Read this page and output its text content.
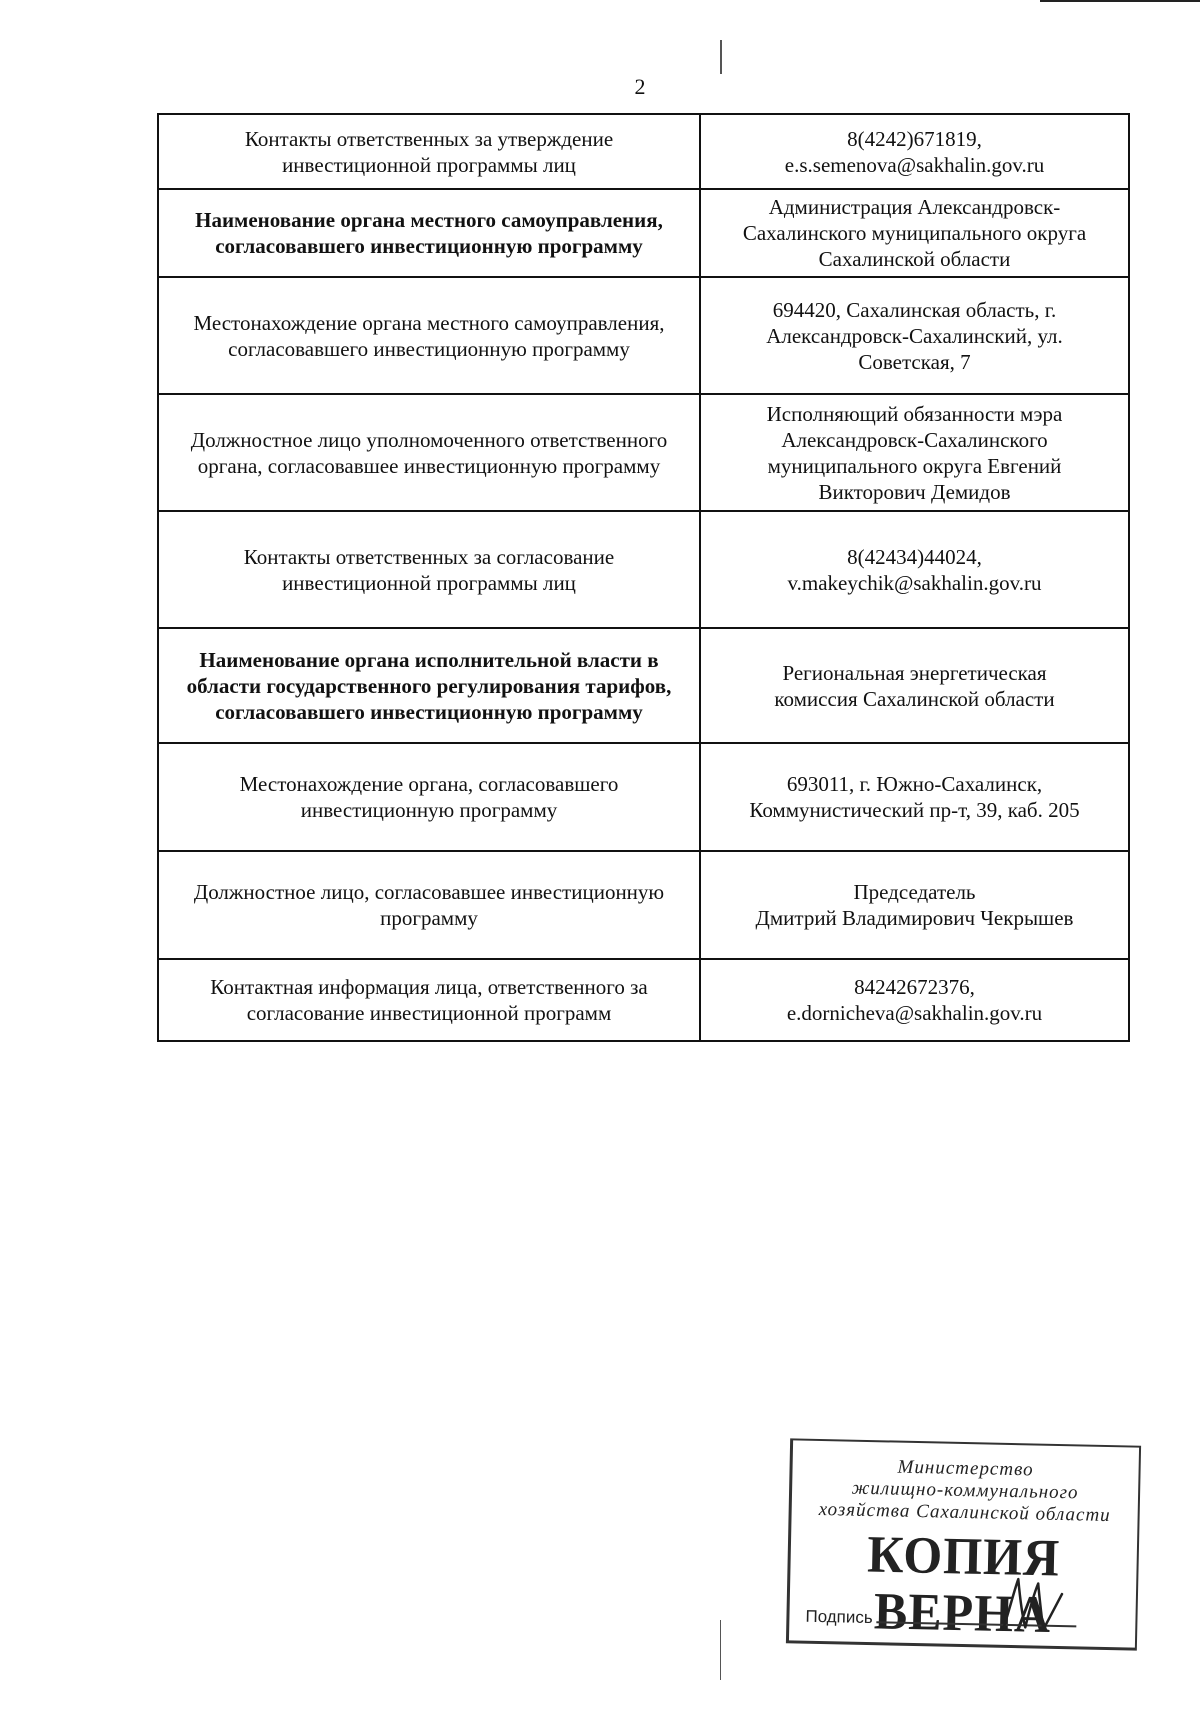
2
Контакты ответственных за утверждение инвестиционной программы лиц	8(4242)671819,
e.s.semenova@sakhalin.gov.ru

Наименование органа местного самоуправления, согласовавшего инвестиционную программу	Администрация Александровск-
Сахалинского муниципального округа
Сахалинской области

Местонахождение органа местного самоуправления, согласовавшего инвестиционную программу	694420, Сахалинская область, г.
Александровск-Сахалинский, ул.
Советская, 7

Должностное лицо уполномоченного ответственного органа, согласовавшее инвестиционную программу	Исполняющий обязанности мэра
Александровск-Сахалинского
муниципального округа Евгений
Викторович Демидов

Контакты ответственных за согласование инвестиционной программы лиц	8(42434)44024,
v.makeychik@sakhalin.gov.ru

Наименование органа исполнительной власти в области государственного регулирования тарифов, согласовавшего инвестиционную программу	Региональная энергетическая
комиссия Сахалинской области

Местонахождение органа, согласовавшего инвестиционную программу	693011, г. Южно-Сахалинск,
Коммунистический пр-т, 39, каб. 205

Должностное лицо, согласовавшее инвестиционную программу	Председатель
Дмитрий Владимирович Чекрышев

Контактная информация лица, ответственного за согласование инвестиционной программ	84242672376,
e.dornicheva@sakhalin.gov.ru
Министерство
жилищно-коммунального
хозяйства Сахалинской области
КОПИЯ ВЕРНА
Подпись
